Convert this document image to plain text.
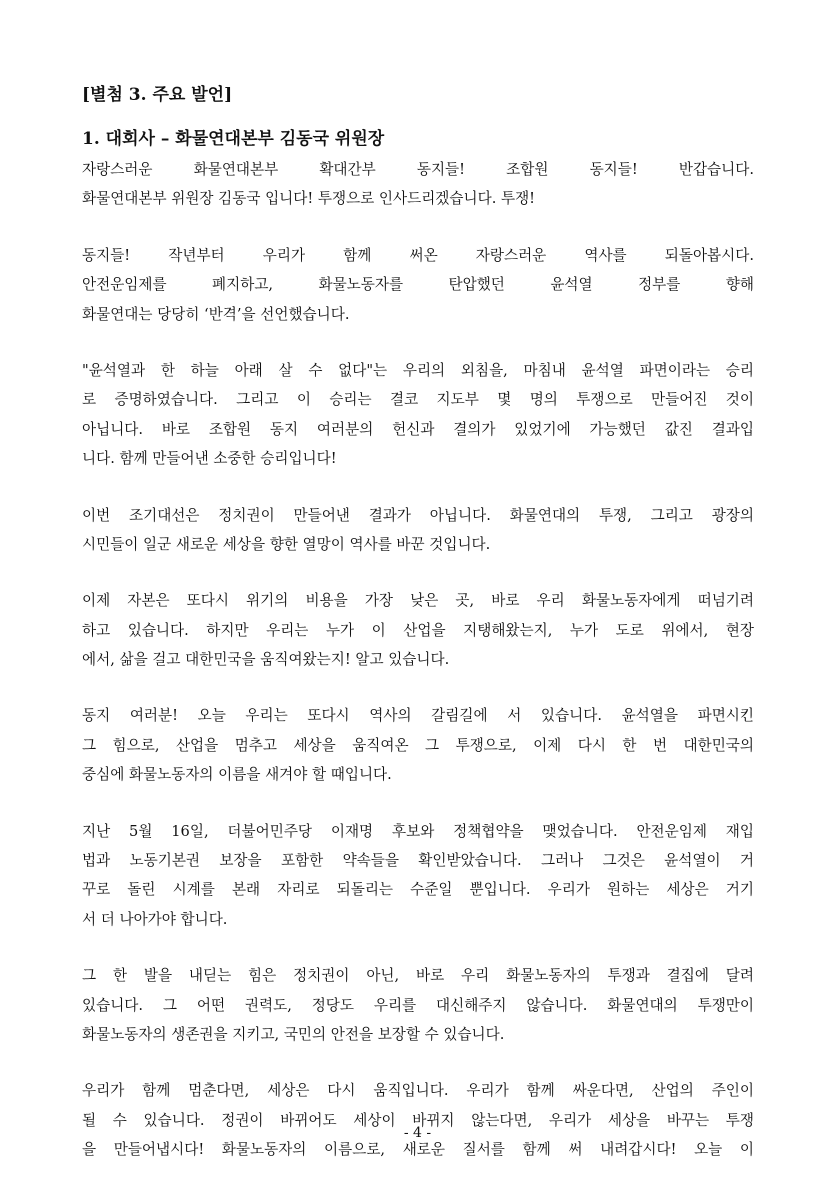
[별첨 3. 주요 발언]
1. 대회사 – 화물연대본부 김동국 위원장
자랑스러운 화물연대본부 확대간부 동지들! 조합원 동지들! 반갑습니다.
화물연대본부 위원장 김동국 입니다! 투쟁으로 인사드리겠습니다. 투쟁!
동지들! 작년부터 우리가 함께 써온 자랑스러운 역사를 되돌아봅시다.
안전운임제를 폐지하고, 화물노동자를 탄압했던 윤석열 정부를 향해
화물연대는 당당히 ‘반격’을 선언했습니다.
"윤석열과 한 하늘 아래 살 수 없다"는 우리의 외침을, 마침내 윤석열 파면이라는 승리
로 증명하였습니다. 그리고 이 승리는 결코 지도부 몇 명의 투쟁으로 만들어진 것이
아닙니다. 바로 조합원 동지 여러분의 헌신과 결의가 있었기에 가능했던 값진 결과입
니다. 함께 만들어낸 소중한 승리입니다!
이번 조기대선은 정치권이 만들어낸 결과가 아닙니다. 화물연대의 투쟁, 그리고 광장의
시민들이 일군 새로운 세상을 향한 열망이 역사를 바꾼 것입니다.
이제 자본은 또다시 위기의 비용을 가장 낮은 곳, 바로 우리 화물노동자에게 떠넘기려
하고 있습니다. 하지만 우리는 누가 이 산업을 지탱해왔는지, 누가 도로 위에서, 현장
에서, 삶을 걸고 대한민국을 움직여왔는지! 알고 있습니다.
동지 여러분! 오늘 우리는 또다시 역사의 갈림길에 서 있습니다. 윤석열을 파면시킨
그 힘으로, 산업을 멈추고 세상을 움직여온 그 투쟁으로, 이제 다시 한 번 대한민국의
중심에 화물노동자의 이름을 새겨야 할 때입니다.
지난 5월 16일, 더불어민주당 이재명 후보와 정책협약을 맺었습니다. 안전운임제 재입
법과 노동기본권 보장을 포함한 약속들을 확인받았습니다. 그러나 그것은 윤석열이 거
꾸로 돌린 시계를 본래 자리로 되돌리는 수준일 뿐입니다. 우리가 원하는 세상은 거기
서 더 나아가야 합니다.
그 한 발을 내딛는 힘은 정치권이 아닌, 바로 우리 화물노동자의 투쟁과 결집에 달려
있습니다. 그 어떤 권력도, 정당도 우리를 대신해주지 않습니다. 화물연대의 투쟁만이
화물노동자의 생존권을 지키고, 국민의 안전을 보장할 수 있습니다.
우리가 함께 멈춘다면, 세상은 다시 움직입니다. 우리가 함께 싸운다면, 산업의 주인이
될 수 있습니다. 정권이 바뀌어도 세상이 바뀌지 않는다면, 우리가 세상을 바꾸는 투쟁
을 만들어냅시다! 화물노동자의 이름으로, 새로운 질서를 함께 써 내려갑시다! 오늘 이
- 4 -
